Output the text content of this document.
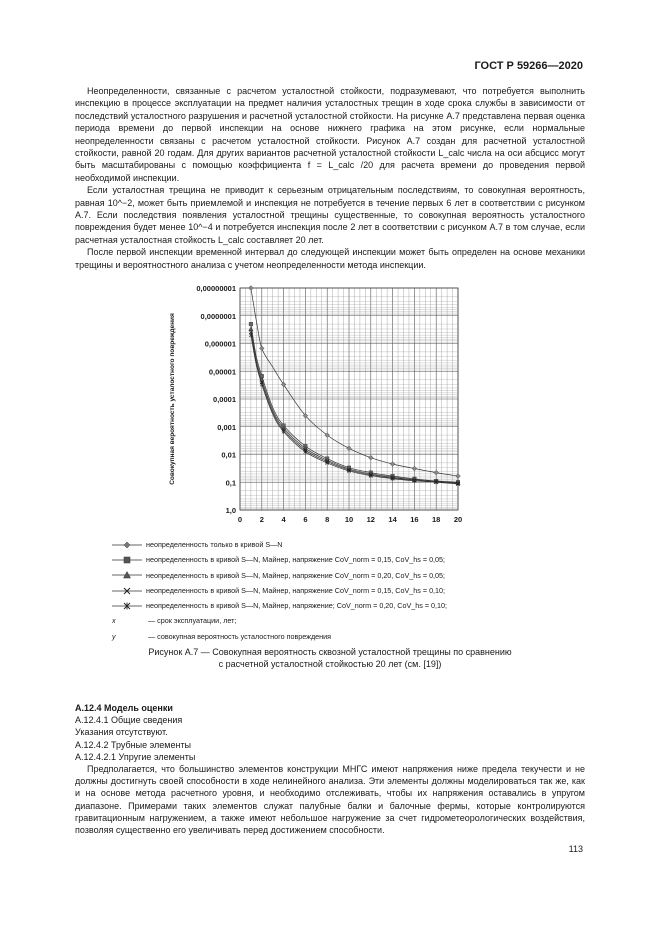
ГОСТ Р 59266—2020

Неопределенности, связанные с расчетом усталостной стойкости, подразумевают, что потребуется выполнить инспекцию в процессе эксплуатации на предмет наличия усталостных трещин в ходе срока службы в зависимости от последствий усталостного разрушения и расчетной усталостной стойкости. На рисунке А.7 представлена первая оценка периода времени до первой инспекции на основе нижнего графика на этом рисунке, если нормальные неопределенности связаны с расчетом усталостной стойкости. Рисунок А.7 создан для расчетной усталостной стойкости, равной 20 годам. Для других вариантов расчетной усталостной стойкости L_calc числа на оси абсцисс могут быть масштабированы с помощью коэффициента f = L_calc /20 для расчета времени до проведения первой необходимой инспекции.

Если усталостная трещина не приводит к серьезным отрицательным последствиям, то совокупная вероятность, равная 10^−2, может быть приемлемой и инспекция не потребуется в течение первых 6 лет в соответствии с рисунком А.7. Если последствия появления усталостной трещины существенные, то совокупная вероятность усталостного повреждения будет менее 10^−4 и потребуется инспекция после 2 лет в соответствии с рисунком А.7 в том случае, если расчетная усталостная стойкость L_calc составляет 20 лет.

После первой инспекции временной интервал до следующей инспекции может быть определен на основе механики трещины и вероятностного анализа с учетом неопределенности метода инспекции.

0 2 4 6 8 10 12 14 16 18 20
0,00000001
0,0000001
0,000001
0,00001
0,0001
0,001
0,01
0,1
1,0
Совокупная вероятность усталостного повреждения
неопределенность только в кривой S—N
неопределенность в кривой S—N, Майнер, напряжение CoV_norm = 0,15, CoV_hs = 0,05;
неопределенность в кривой S—N, Майнер, напряжение CoV_norm = 0,20, CoV_hs = 0,05;
неопределенность в кривой S—N, Майнер, напряжение CoV_norm = 0,15, CoV_hs = 0,10;
неопределенность в кривой S—N, Майнер, напряжение; CoV_norm = 0,20, CoV_hs = 0,10;
x	— срок эксплуатации, лет;
y	— совокупная вероятность усталостного повреждения
Рисунок А.7 — Совокупная вероятность сквозной усталостной трещины по сравнению
с расчетной усталостной стойкостью 20 лет (см. [19])
А.12.4 Модель оценки
А.12.4.1 Общие сведения
Указания отсутствуют.
А.12.4.2 Трубные элементы
А.12.4.2.1 Упругие элементы

Предполагается, что большинство элементов конструкции МНГС имеют напряжения ниже предела текучести и не должны достигнуть своей способности в ходе нелинейного анализа. Эти элементы должны моделироваться так же, как и на основе метода расчетного уровня, и необходимо отслеживать, чтобы их напряжения оставались в упругом диапазоне. Примерами таких элементов служат палубные балки и балочные фермы, которые контролируются гравитационным нагружением, а также имеют небольшое нагружение за счет гидрометеорологических воздействия, позволяя существенно его увеличивать перед достижением способности.

113
